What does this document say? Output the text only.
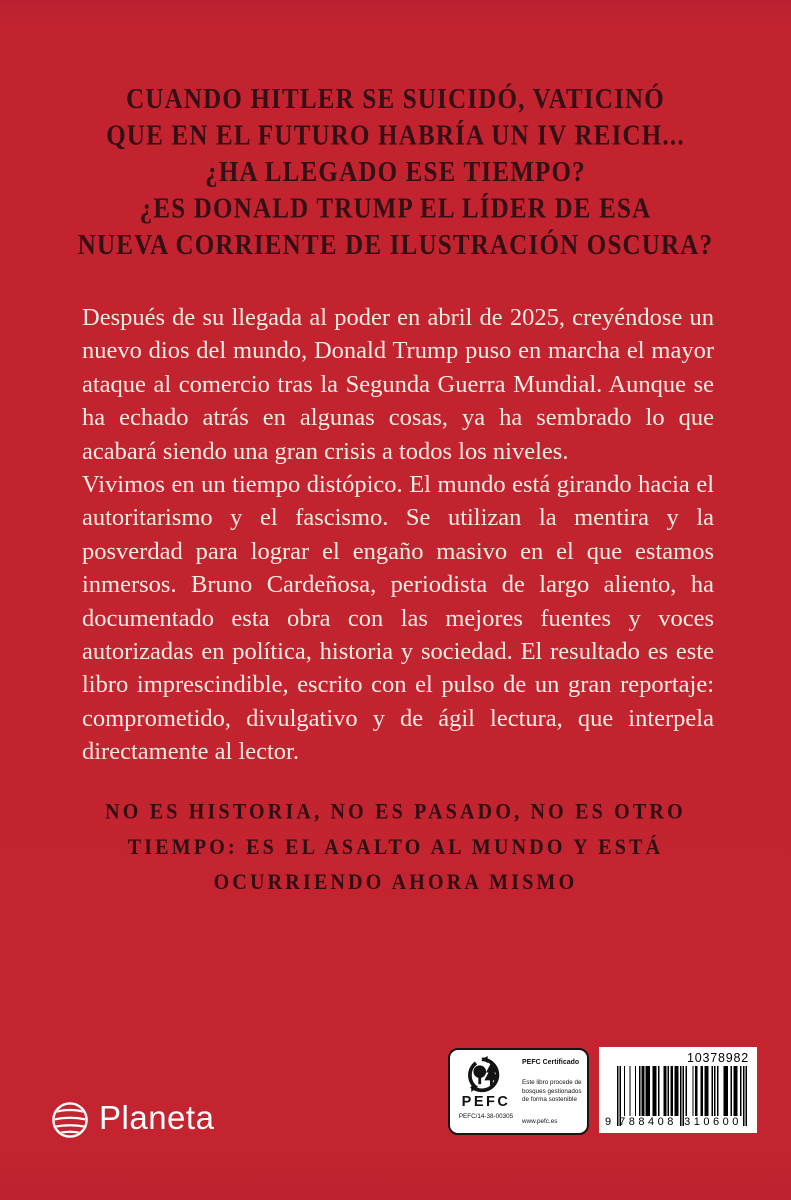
CUANDO HITLER SE SUICIDÓ, VATICINÓ
QUE EN EL FUTURO HABRÍA UN IV REICH...
¿HA LLEGADO ESE TIEMPO?
¿ES DONALD TRUMP EL LÍDER DE ESA
NUEVA CORRIENTE DE ILUSTRACIÓN OSCURA?

Después de su llegada al poder en abril de 2025, creyéndose un nuevo dios del mundo, Donald Trump puso en marcha el mayor ataque al comercio tras la Segunda Guerra Mundial. Aunque se ha echado atrás en algunas cosas, ya ha sembrado lo que acabará siendo una gran crisis a todos los niveles.

Vivimos en un tiempo distópico. El mundo está girando hacia el autoritarismo y el fascismo. Se utilizan la mentira y la posverdad para lograr el engaño masivo en el que estamos inmersos. Bruno Cardeñosa, periodista de largo aliento, ha documentado esta obra con las mejores fuentes y voces autorizadas en política, historia y sociedad. El resultado es este libro imprescindible, escrito con el pulso de un gran reportaje: comprometido, divulgativo y de ágil lectura, que interpela directamente al lector.

NO ES HISTORIA, NO ES PASADO, NO ES OTRO
TIEMPO: ES EL ASALTO AL MUNDO Y ESTÁ
OCURRIENDO AHORA MISMO
Planeta	PEFC
PEFC/14-38-00305
PEFC Certificado
Este libro procede de
bosques gestionados
de forma sostenible
www.pefc.es
10378982
9 788408 310600
